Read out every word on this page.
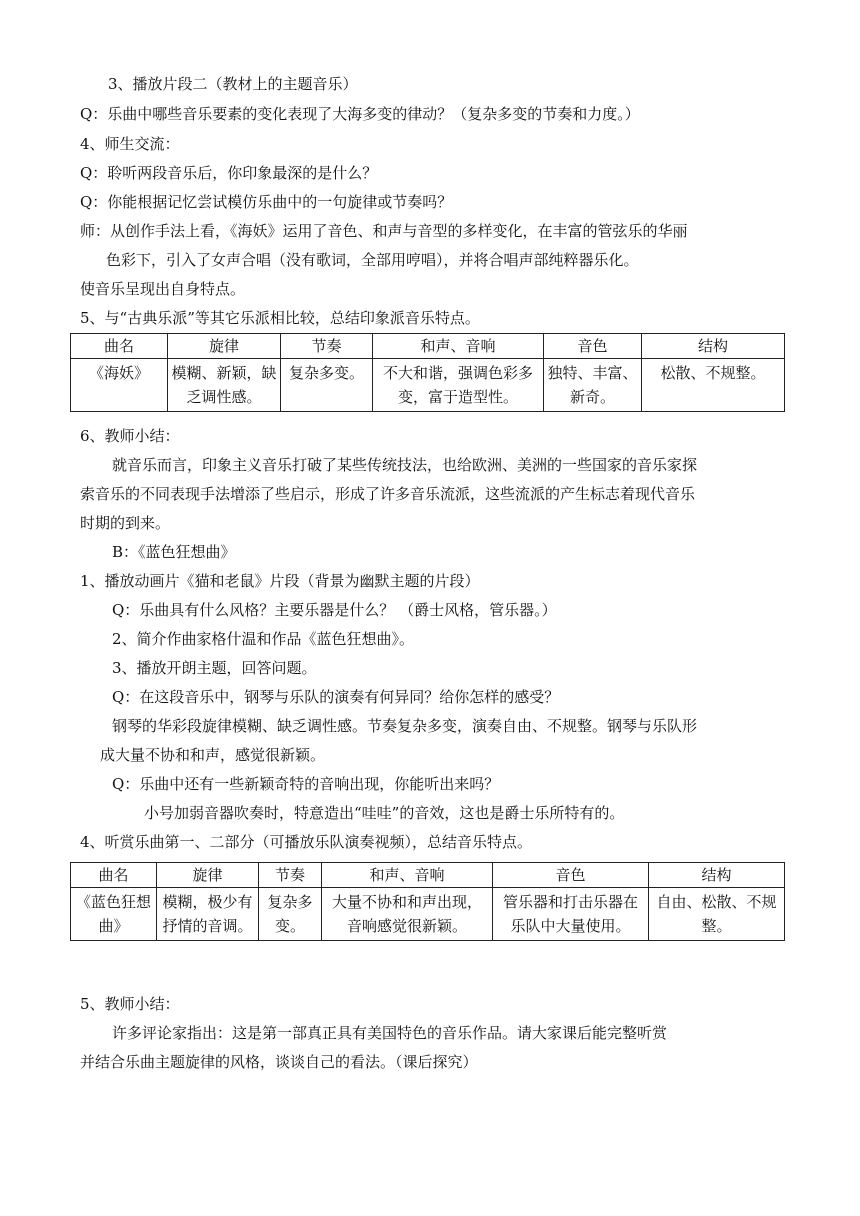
3、播放片段二（教材上的主题音乐）
Q：乐曲中哪些音乐要素的变化表现了大海多变的律动？（复杂多变的节奏和力度。）
4、师生交流：
Q：聆听两段音乐后，你印象最深的是什么？
Q：你能根据记忆尝试模仿乐曲中的一句旋律或节奏吗？
师：从创作手法上看，《海妖》运用了音色、和声与音型的多样变化，在丰富的管弦乐的华丽
色彩下，引入了女声合唱（没有歌词，全部用哼唱），并将合唱声部纯粹器乐化。
使音乐呈现出自身特点。
5、与“古典乐派”等其它乐派相比较，总结印象派音乐特点。
曲名	旋律	节奏	和声、音响	音色	结构
《海妖》	模糊、新颖，缺乏调性感。	复杂多变。	不大和谐，强调色彩多变，富于造型性。	独特、丰富、新奇。	松散、不规整。
6、教师小结：
就音乐而言，印象主义音乐打破了某些传统技法，也给欧洲、美洲的一些国家的音乐家探
索音乐的不同表现手法增添了些启示，形成了许多音乐流派，这些流派的产生标志着现代音乐
时期的到来。
B：《蓝色狂想曲》
1、播放动画片《猫和老鼠》片段（背景为幽默主题的片段）
Q：乐曲具有什么风格？主要乐器是什么？ （爵士风格，管乐器。）
2、简介作曲家格什温和作品《蓝色狂想曲》。
3、播放开朗主题，回答问题。
Q：在这段音乐中，钢琴与乐队的演奏有何异同？给你怎样的感受？
钢琴的华彩段旋律模糊、缺乏调性感。节奏复杂多变，演奏自由、不规整。钢琴与乐队形
成大量不协和和声，感觉很新颖。
Q：乐曲中还有一些新颖奇特的音响出现，你能听出来吗？
小号加弱音器吹奏时，特意造出“哇哇”的音效，这也是爵士乐所特有的。
4、听赏乐曲第一、二部分（可播放乐队演奏视频），总结音乐特点。
曲名	旋律	节奏	和声、音响	音色	结构
《蓝色狂想曲》	模糊，极少有抒情的音调。	复杂多变。	大量不协和和声出现，音响感觉很新颖。	管乐器和打击乐器在乐队中大量使用。	自由、松散、不规整。
5、教师小结：
许多评论家指出：这是第一部真正具有美国特色的音乐作品。请大家课后能完整听赏
并结合乐曲主题旋律的风格，谈谈自己的看法。（课后探究）
